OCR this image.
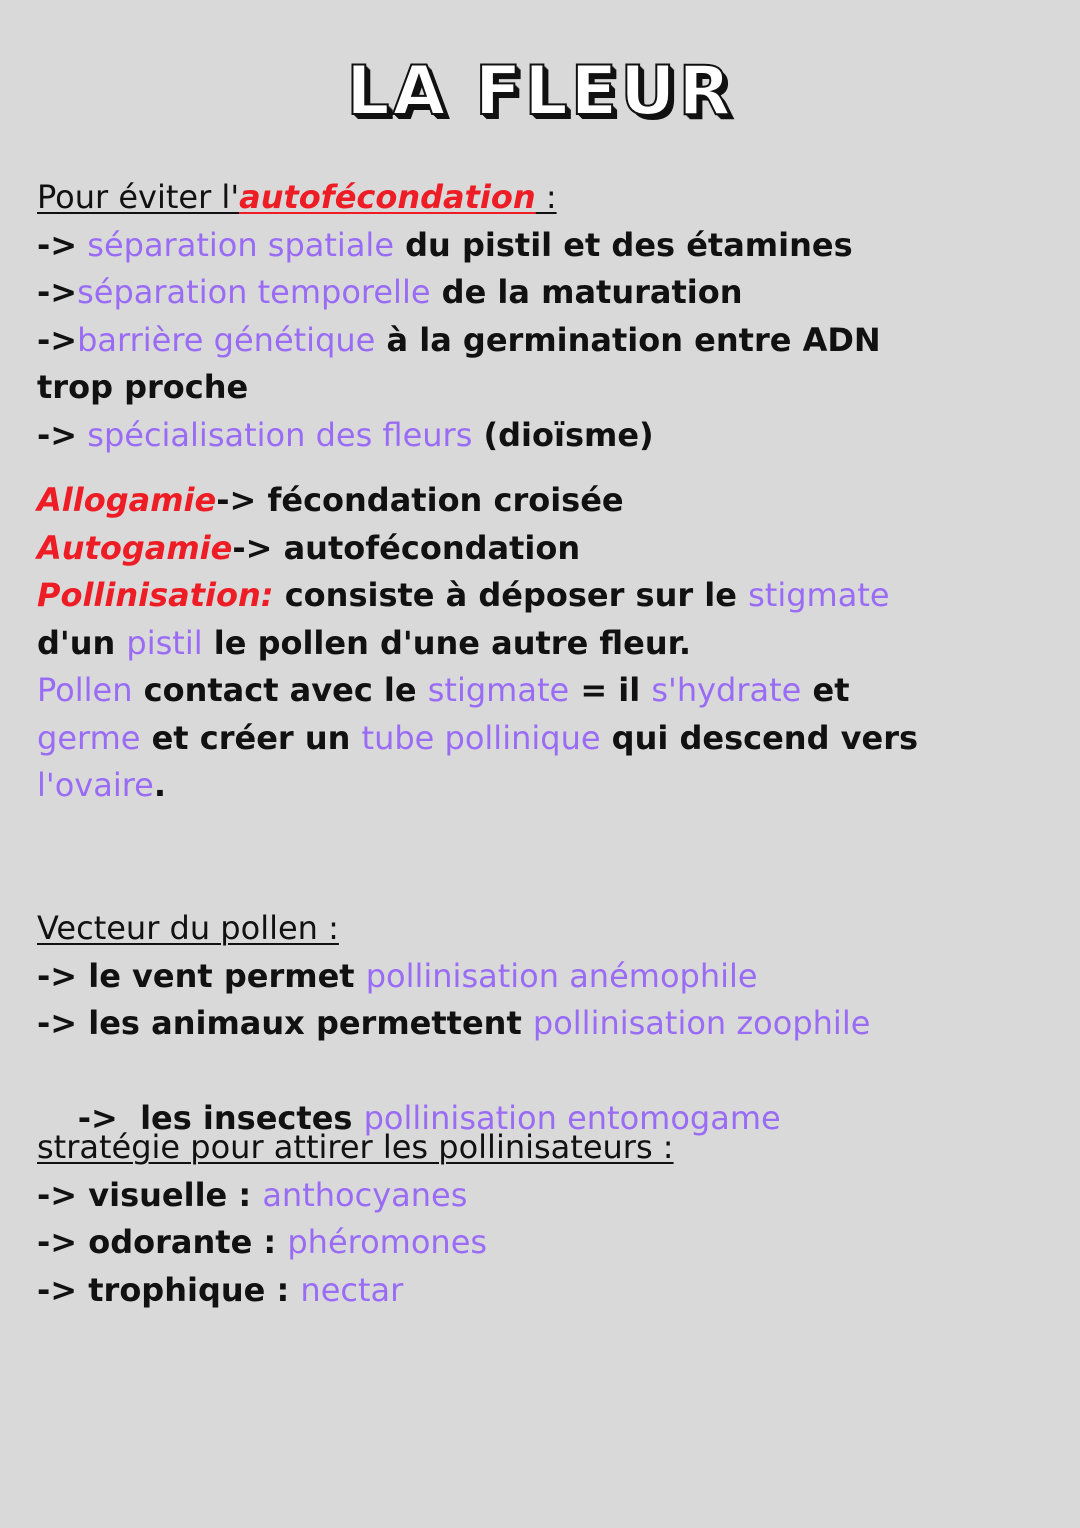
LA FLEUR
Pour éviter l'autofécondation :
-> séparation spatiale du pistil et des étamines
->séparation temporelle de la maturation
->barrière génétique à la germination entre ADN trop proche
-> spécialisation des fleurs (dioïsme)
Allogamie-> fécondation croisée
Autogamie-> autofécondation
Pollinisation: consiste à déposer sur le stigmate d'un pistil le pollen d'une autre fleur.
Pollen contact avec le stigmate = il s'hydrate et germe et créer un tube pollinique qui descend vers l'ovaire.
Vecteur du pollen :
-> le vent permet pollinisation anémophile
-> les animaux permettent pollinisation zoophile

->  les insectes pollinisation entomogame

stratégie pour attirer les pollinisateurs :
-> visuelle : anthocyanes
-> odorante : phéromones
-> trophique : nectar
